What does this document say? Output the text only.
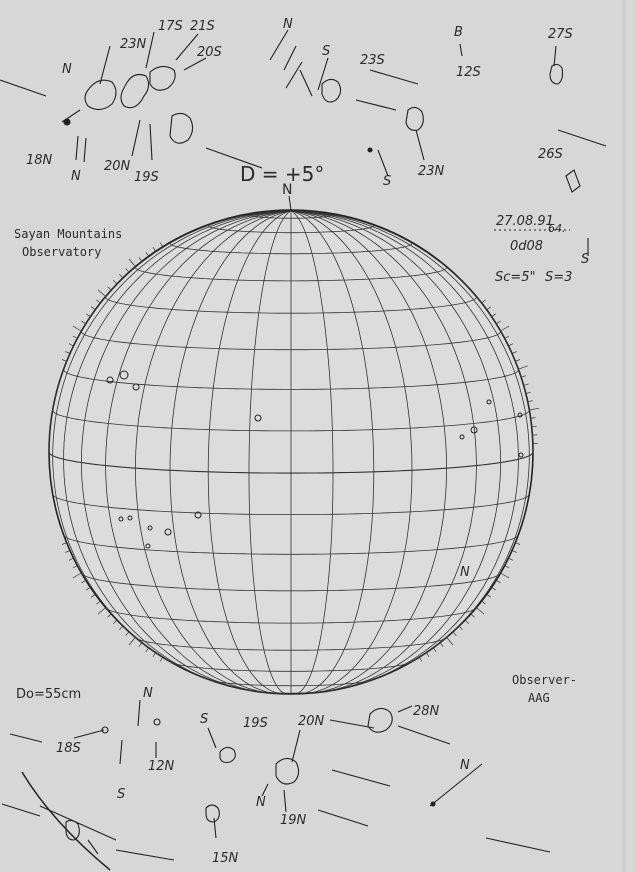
Sayan Mountains
Observatory
D = +5°
N
27.08.91
64.
0d08
Sc=5" S=3
Do=55cm
Observer-
AAG
23N
17S 21S
20S
N
18N	20N
N	19S
N
S
23S
23N
S
B
12S
27S
26S
S
N
18S
12N
S	19S 20N
28N
N
19N
15N
S
N
N
